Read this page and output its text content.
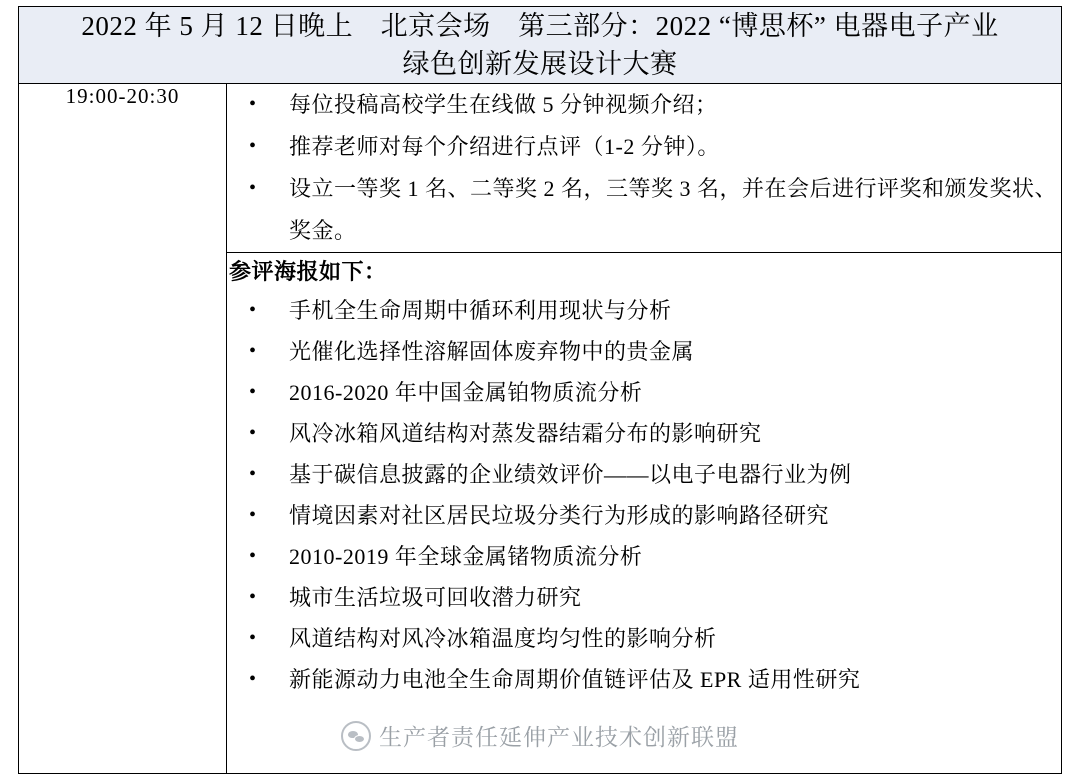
2022 年 5 月 12 日晚上　北京会场　第三部分：2022 “博思杯” 电器电子产业
绿色创新发展设计大赛

19:00-20:30	
•每位投稿高校学生在线做 5 分钟视频介绍；
• 推荐老师对每个介绍进行点评（1-2 分钟）。
• 设立一等奖 1 名、二等奖 2 名，三等奖 3 名，并在会后进行评奖和颁发奖状、奖金。

参评海报如下：
• 手机全生命周期中循环利用现状与分析
• 光催化选择性溶解固体废弃物中的贵金属
• 2016-2020 年中国金属铂物质流分析
• 风冷冰箱风道结构对蒸发器结霜分布的影响研究
• 基于碳信息披露的企业绩效评价——以电子电器行业为例
• 情境因素对社区居民垃圾分类行为形成的影响路径研究
• 2010-2019 年全球金属锗物质流分析
• 城市生活垃圾可回收潜力研究
• 风道结构对风冷冰箱温度均匀性的影响分析
• 新能源动力电池全生命周期价值链评估及 EPR 适用性研究
生产者责任延伸产业技术创新联盟
